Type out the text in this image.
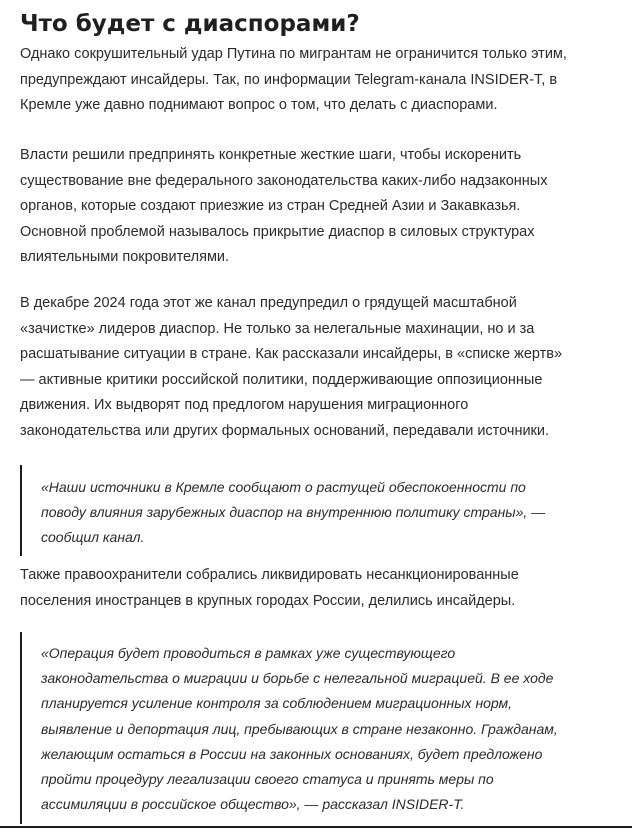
Что будет с диаспорами?
Однако сокрушительный удар Путина по мигрантам не ограничится только этим,
предупреждают инсайдеры. Так, по информации Telegram-канала INSIDER-T, в
Кремле уже давно поднимают вопрос о том, что делать с диаспорами.
Власти решили предпринять конкретные жесткие шаги, чтобы искоренить
существование вне федерального законодательства каких-либо надзаконных
органов, которые создают приезжие из стран Средней Азии и Закавказья.
Основной проблемой называлось прикрытие диаспор в силовых структурах
влиятельными покровителями.
В декабре 2024 года этот же канал предупредил о грядущей масштабной
«зачистке» лидеров диаспор. Не только за нелегальные махинации, но и за
расшатывание ситуации в стране. Как рассказали инсайдеры, в «списке жертв»
— активные критики российской политики, поддерживающие оппозиционные
движения. Их выдворят под предлогом нарушения миграционного
законодательства или других формальных оснований, передавали источники.
«Наши источники в Кремле сообщают о растущей обеспокоенности по
поводу влияния зарубежных диаспор на внутреннюю политику страны», —
сообщил канал.
Также правоохранители собрались ликвидировать несанкционированные
поселения иностранцев в крупных городах России, делились инсайдеры.
«Операция будет проводиться в рамках уже существующего
законодательства о миграции и борьбе с нелегальной миграцией. В ее ходе
планируется усиление контроля за соблюдением миграционных норм,
выявление и депортация лиц, пребывающих в стране незаконно. Гражданам,
желающим остаться в России на законных основаниях, будет предложено
пройти процедуру легализации своего статуса и принять меры по
ассимиляции в российское общество», — рассказал INSIDER-T.
